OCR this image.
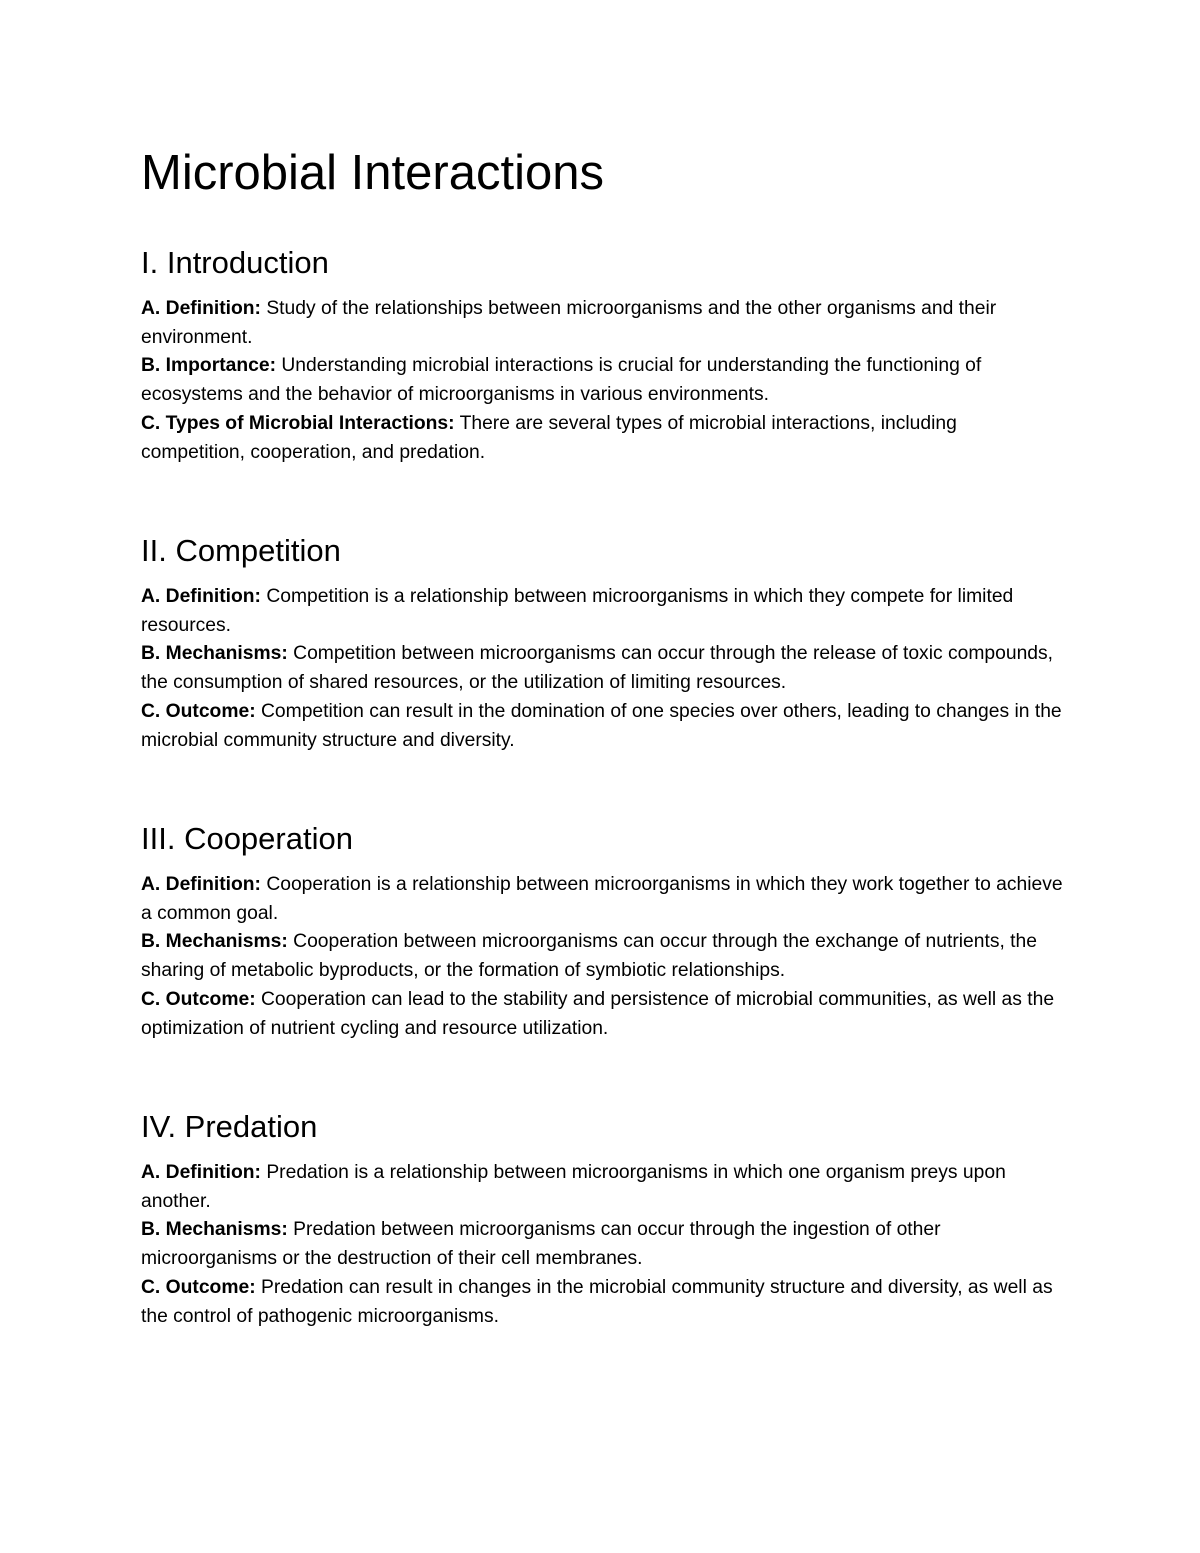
Microbial Interactions
I. Introduction

A. Definition: Study of the relationships between microorganisms and the other organisms and their environment.

B. Importance: Understanding microbial interactions is crucial for understanding the functioning of ecosystems and the behavior of microorganisms in various environments.

C. Types of Microbial Interactions: There are several types of microbial interactions, including competition, cooperation, and predation.

II. Competition

A. Definition: Competition is a relationship between microorganisms in which they compete for limited resources.

B. Mechanisms: Competition between microorganisms can occur through the release of toxic compounds, the consumption of shared resources, or the utilization of limiting resources.

C. Outcome: Competition can result in the domination of one species over others, leading to changes in the microbial community structure and diversity.

III. Cooperation

A. Definition: Cooperation is a relationship between microorganisms in which they work together to achieve a common goal.

B. Mechanisms: Cooperation between microorganisms can occur through the exchange of nutrients, the sharing of metabolic byproducts, or the formation of symbiotic relationships.

C. Outcome: Cooperation can lead to the stability and persistence of microbial communities, as well as the optimization of nutrient cycling and resource utilization.

IV. Predation

A. Definition: Predation is a relationship between microorganisms in which one organism preys upon another.

B. Mechanisms: Predation between microorganisms can occur through the ingestion of other microorganisms or the destruction of their cell membranes.

C. Outcome: Predation can result in changes in the microbial community structure and diversity, as well as the control of pathogenic microorganisms.
